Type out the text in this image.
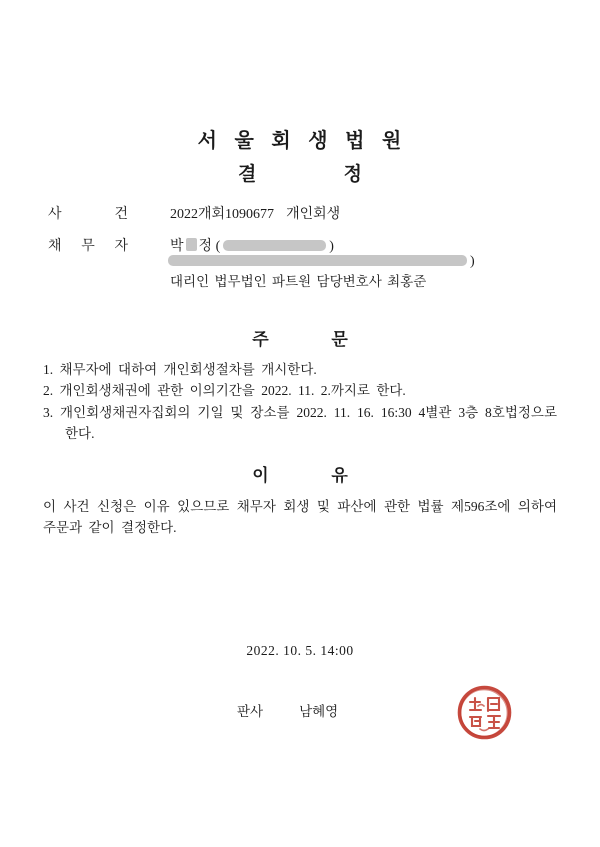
서 울 회 생 법 원
결 정
사 건	2022개회1090677 개인회생
채 무 자	박 정 (	)
)
대리인 법무법인 파트원 담당변호사 최홍준
주 문
1. 채무자에 대하여 개인회생절차를 개시한다.
2. 개인회생채권에 관한 이의기간을 2022. 11. 2.까지로 한다.
3. 개인회생채권자집회의 기일 및 장소를 2022. 11. 16. 16:30 4별관 3층 8호법정으로 한다.
이 유

이 사건 신청은 이유 있으므로 채무자 회생 및 파산에 관한 법률 제596조에 의하여 주문과 같이 결정한다.

2022. 10. 5. 14:00
판사	남혜영
